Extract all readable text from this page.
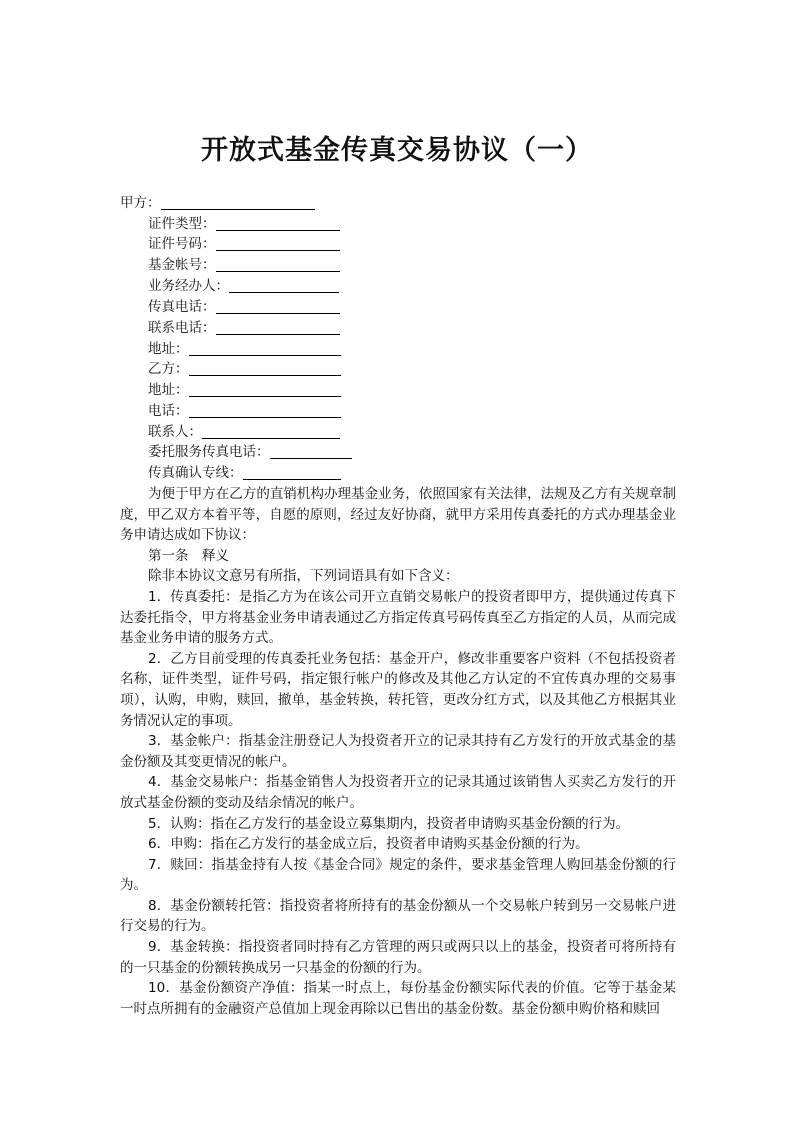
开放式基金传真交易协议（一）
甲方：
证件类型：
证件号码：
基金帐号：
业务经办人：
传真电话：
联系电话：
地址：
乙方：
地址：
电话：
联系人：
委托服务传真电话：
传真确认专线：

为便于甲方在乙方的直销机构办理基金业务，依照国家有关法律，法规及乙方有关规章制度，甲乙双方本着平等，自愿的原则，经过友好协商，就甲方采用传真委托的方式办理基金业务申请达成如下协议：

第一条　释义

除非本协议文意另有所指，下列词语具有如下含义：

1．传真委托：是指乙方为在该公司开立直销交易帐户的投资者即甲方，提供通过传真下达委托指令，甲方将基金业务申请表通过乙方指定传真号码传真至乙方指定的人员，从而完成基金业务申请的服务方式。

2．乙方目前受理的传真委托业务包括：基金开户，修改非重要客户资料（不包括投资者名称，证件类型，证件号码，指定银行帐户的修改及其他乙方认定的不宜传真办理的交易事项），认购，申购，赎回，撤单，基金转换，转托管，更改分红方式，以及其他乙方根据其业务情况认定的事项。

3．基金帐户：指基金注册登记人为投资者开立的记录其持有乙方发行的开放式基金的基金份额及其变更情况的帐户。

4．基金交易帐户：指基金销售人为投资者开立的记录其通过该销售人买卖乙方发行的开放式基金份额的变动及结余情况的帐户。

5．认购：指在乙方发行的基金设立募集期内，投资者申请购买基金份额的行为。

6．申购：指在乙方发行的基金成立后，投资者申请购买基金份额的行为。

7．赎回：指基金持有人按《基金合同》规定的条件，要求基金管理人购回基金份额的行为。

8．基金份额转托管：指投资者将所持有的基金份额从一个交易帐户转到另一交易帐户进行交易的行为。

9．基金转换：指投资者同时持有乙方管理的两只或两只以上的基金，投资者可将所持有的一只基金的份额转换成另一只基金的份额的行为。

10．基金份额资产净值：指某一时点上，每份基金份额实际代表的价值。它等于基金某一时点所拥有的金融资产总值加上现金再除以已售出的基金份数。基金份额申购价格和赎回
